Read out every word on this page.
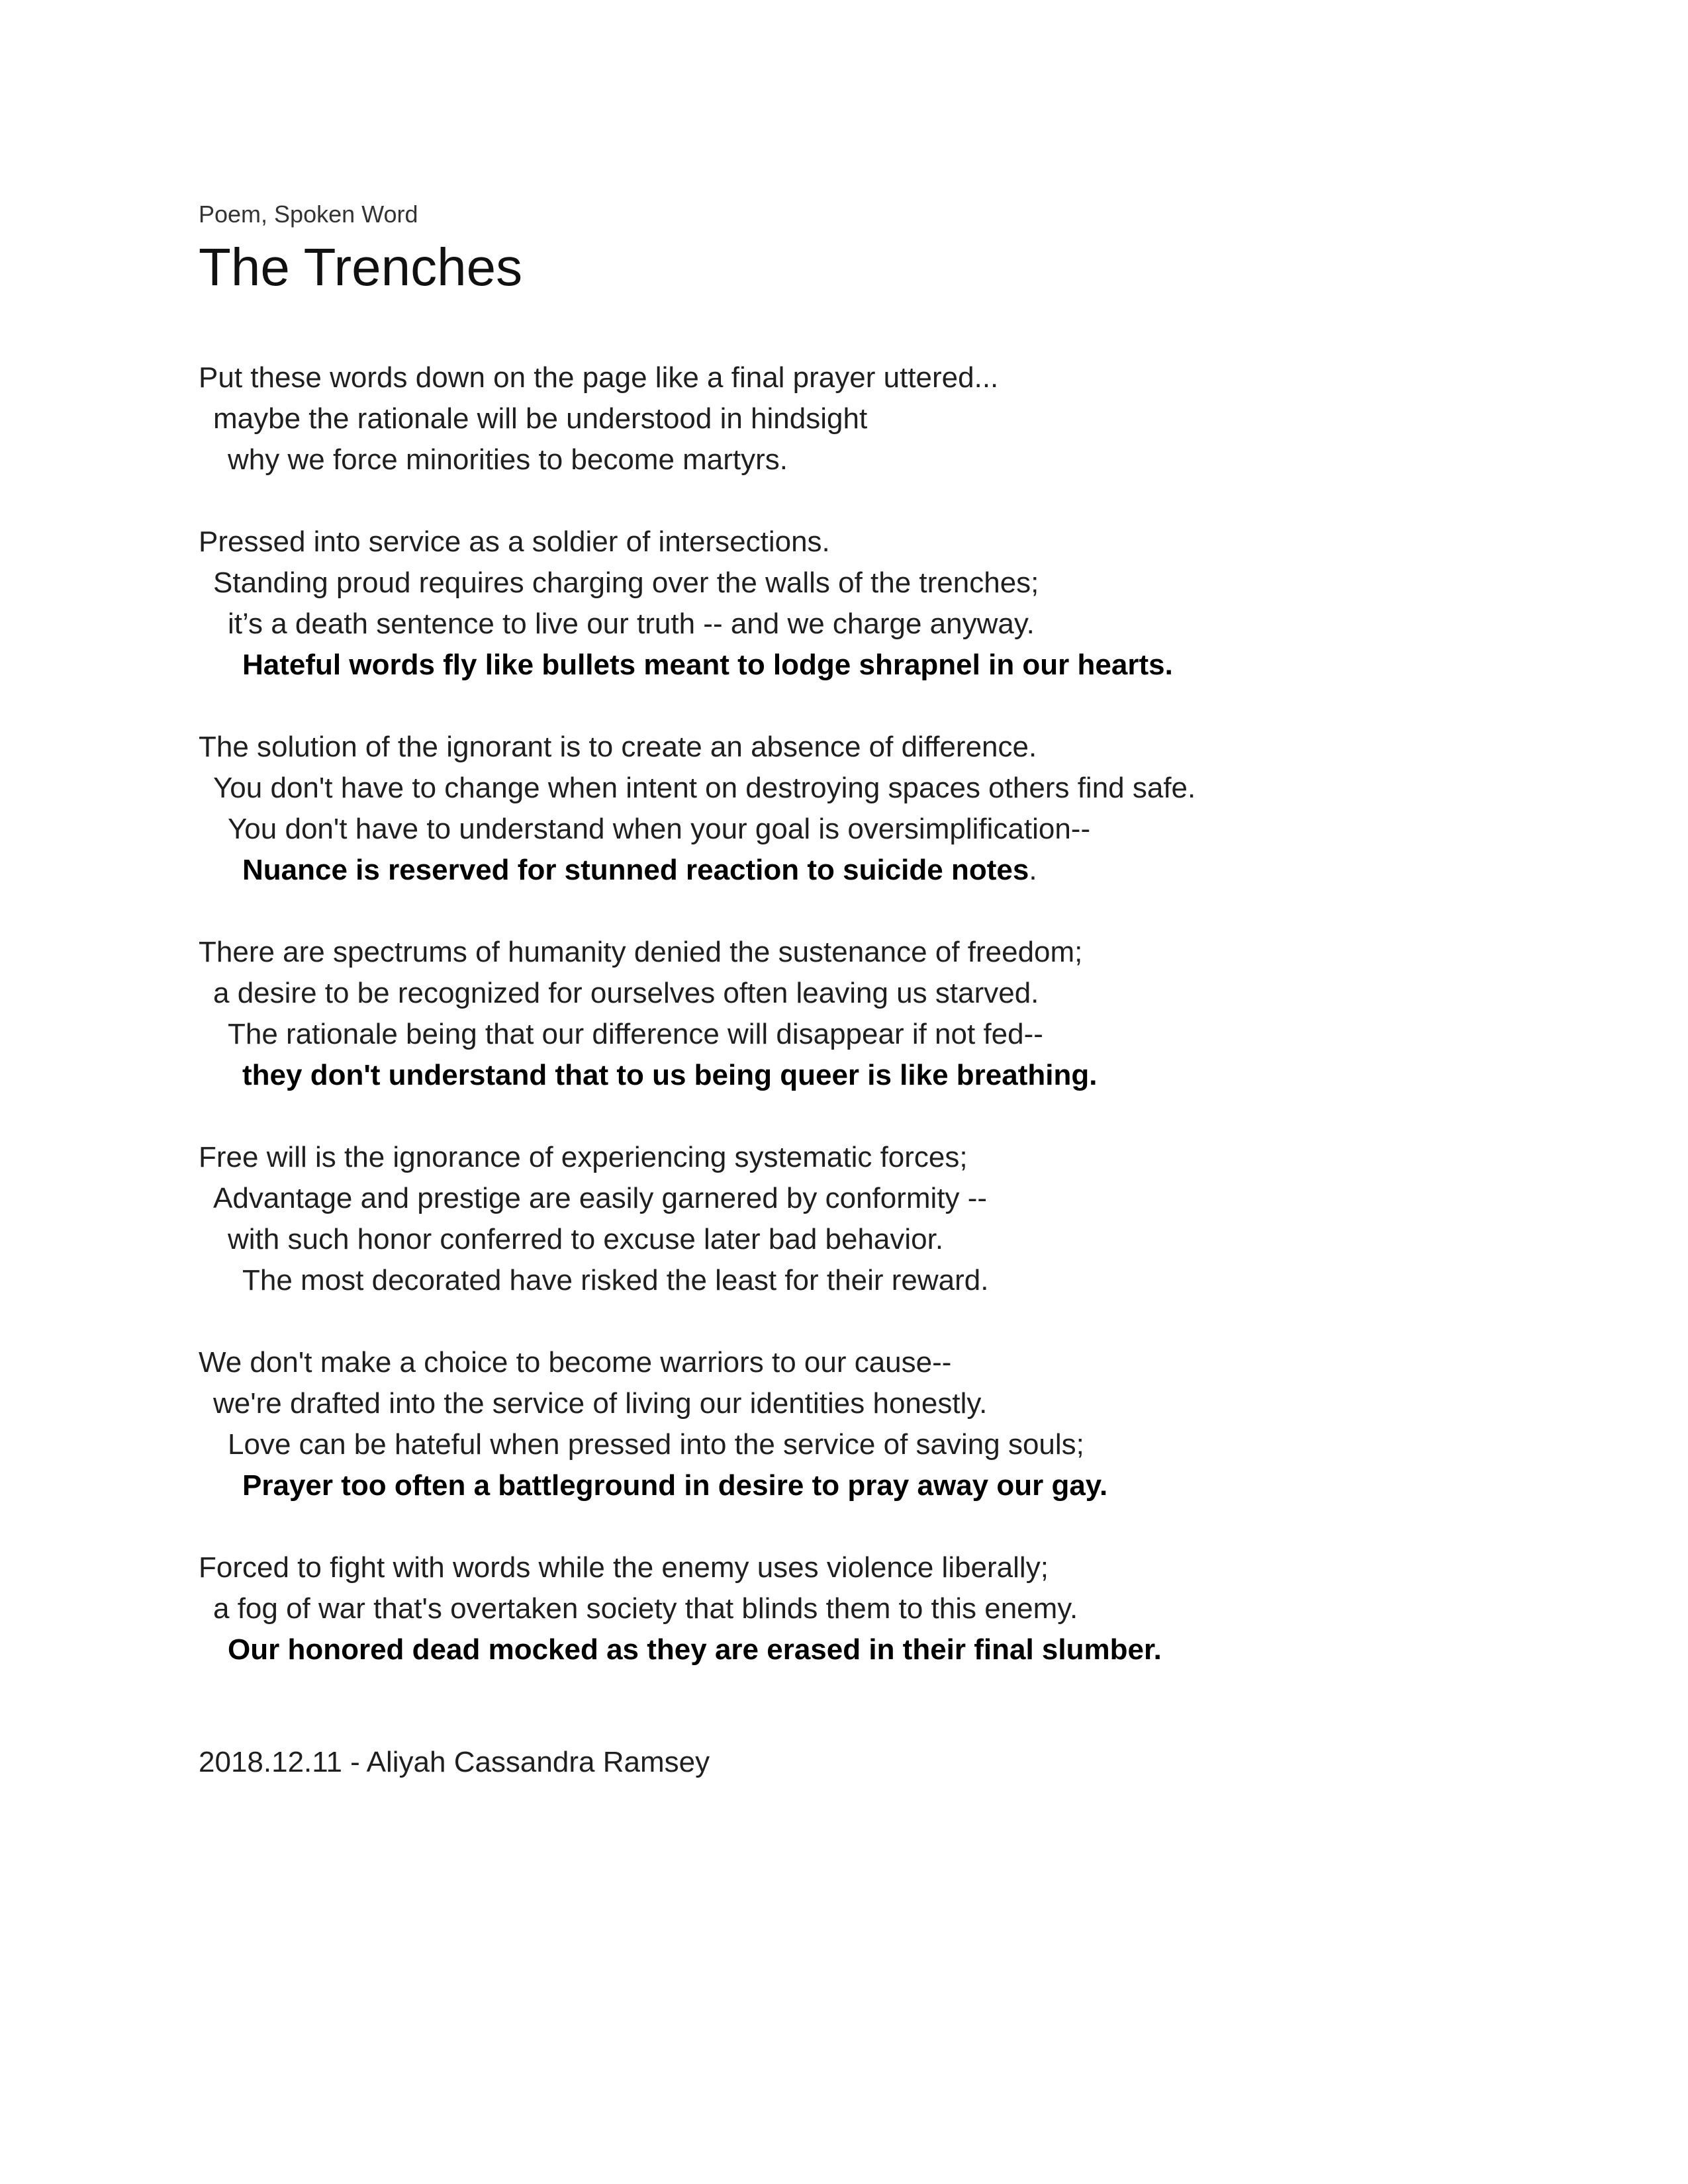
Poem, Spoken Word
The Trenches
Put these words down on the page like a final prayer uttered...
maybe the rationale will be understood in hindsight
why we force minorities to become martyrs.
Pressed into service as a soldier of intersections.
Standing proud requires charging over the walls of the trenches;
it’s a death sentence to live our truth -- and we charge anyway.
Hateful words fly like bullets meant to lodge shrapnel in our hearts.
The solution of the ignorant is to create an absence of difference.
You don't have to change when intent on destroying spaces others find safe.
You don't have to understand when your goal is oversimplification--
Nuance is reserved for stunned reaction to suicide notes.
There are spectrums of humanity denied the sustenance of freedom;
a desire to be recognized for ourselves often leaving us starved.
The rationale being that our difference will disappear if not fed--
they don't understand that to us being queer is like breathing.
Free will is the ignorance of experiencing systematic forces;
Advantage and prestige are easily garnered by conformity --
with such honor conferred to excuse later bad behavior.
The most decorated have risked the least for their reward.
We don't make a choice to become warriors to our cause--
we're drafted into the service of living our identities honestly.
Love can be hateful when pressed into the service of saving souls;
Prayer too often a battleground in desire to pray away our gay.
Forced to fight with words while the enemy uses violence liberally;
a fog of war that's overtaken society that blinds them to this enemy.
Our honored dead mocked as they are erased in their final slumber.
2018.12.11 - Aliyah Cassandra Ramsey
